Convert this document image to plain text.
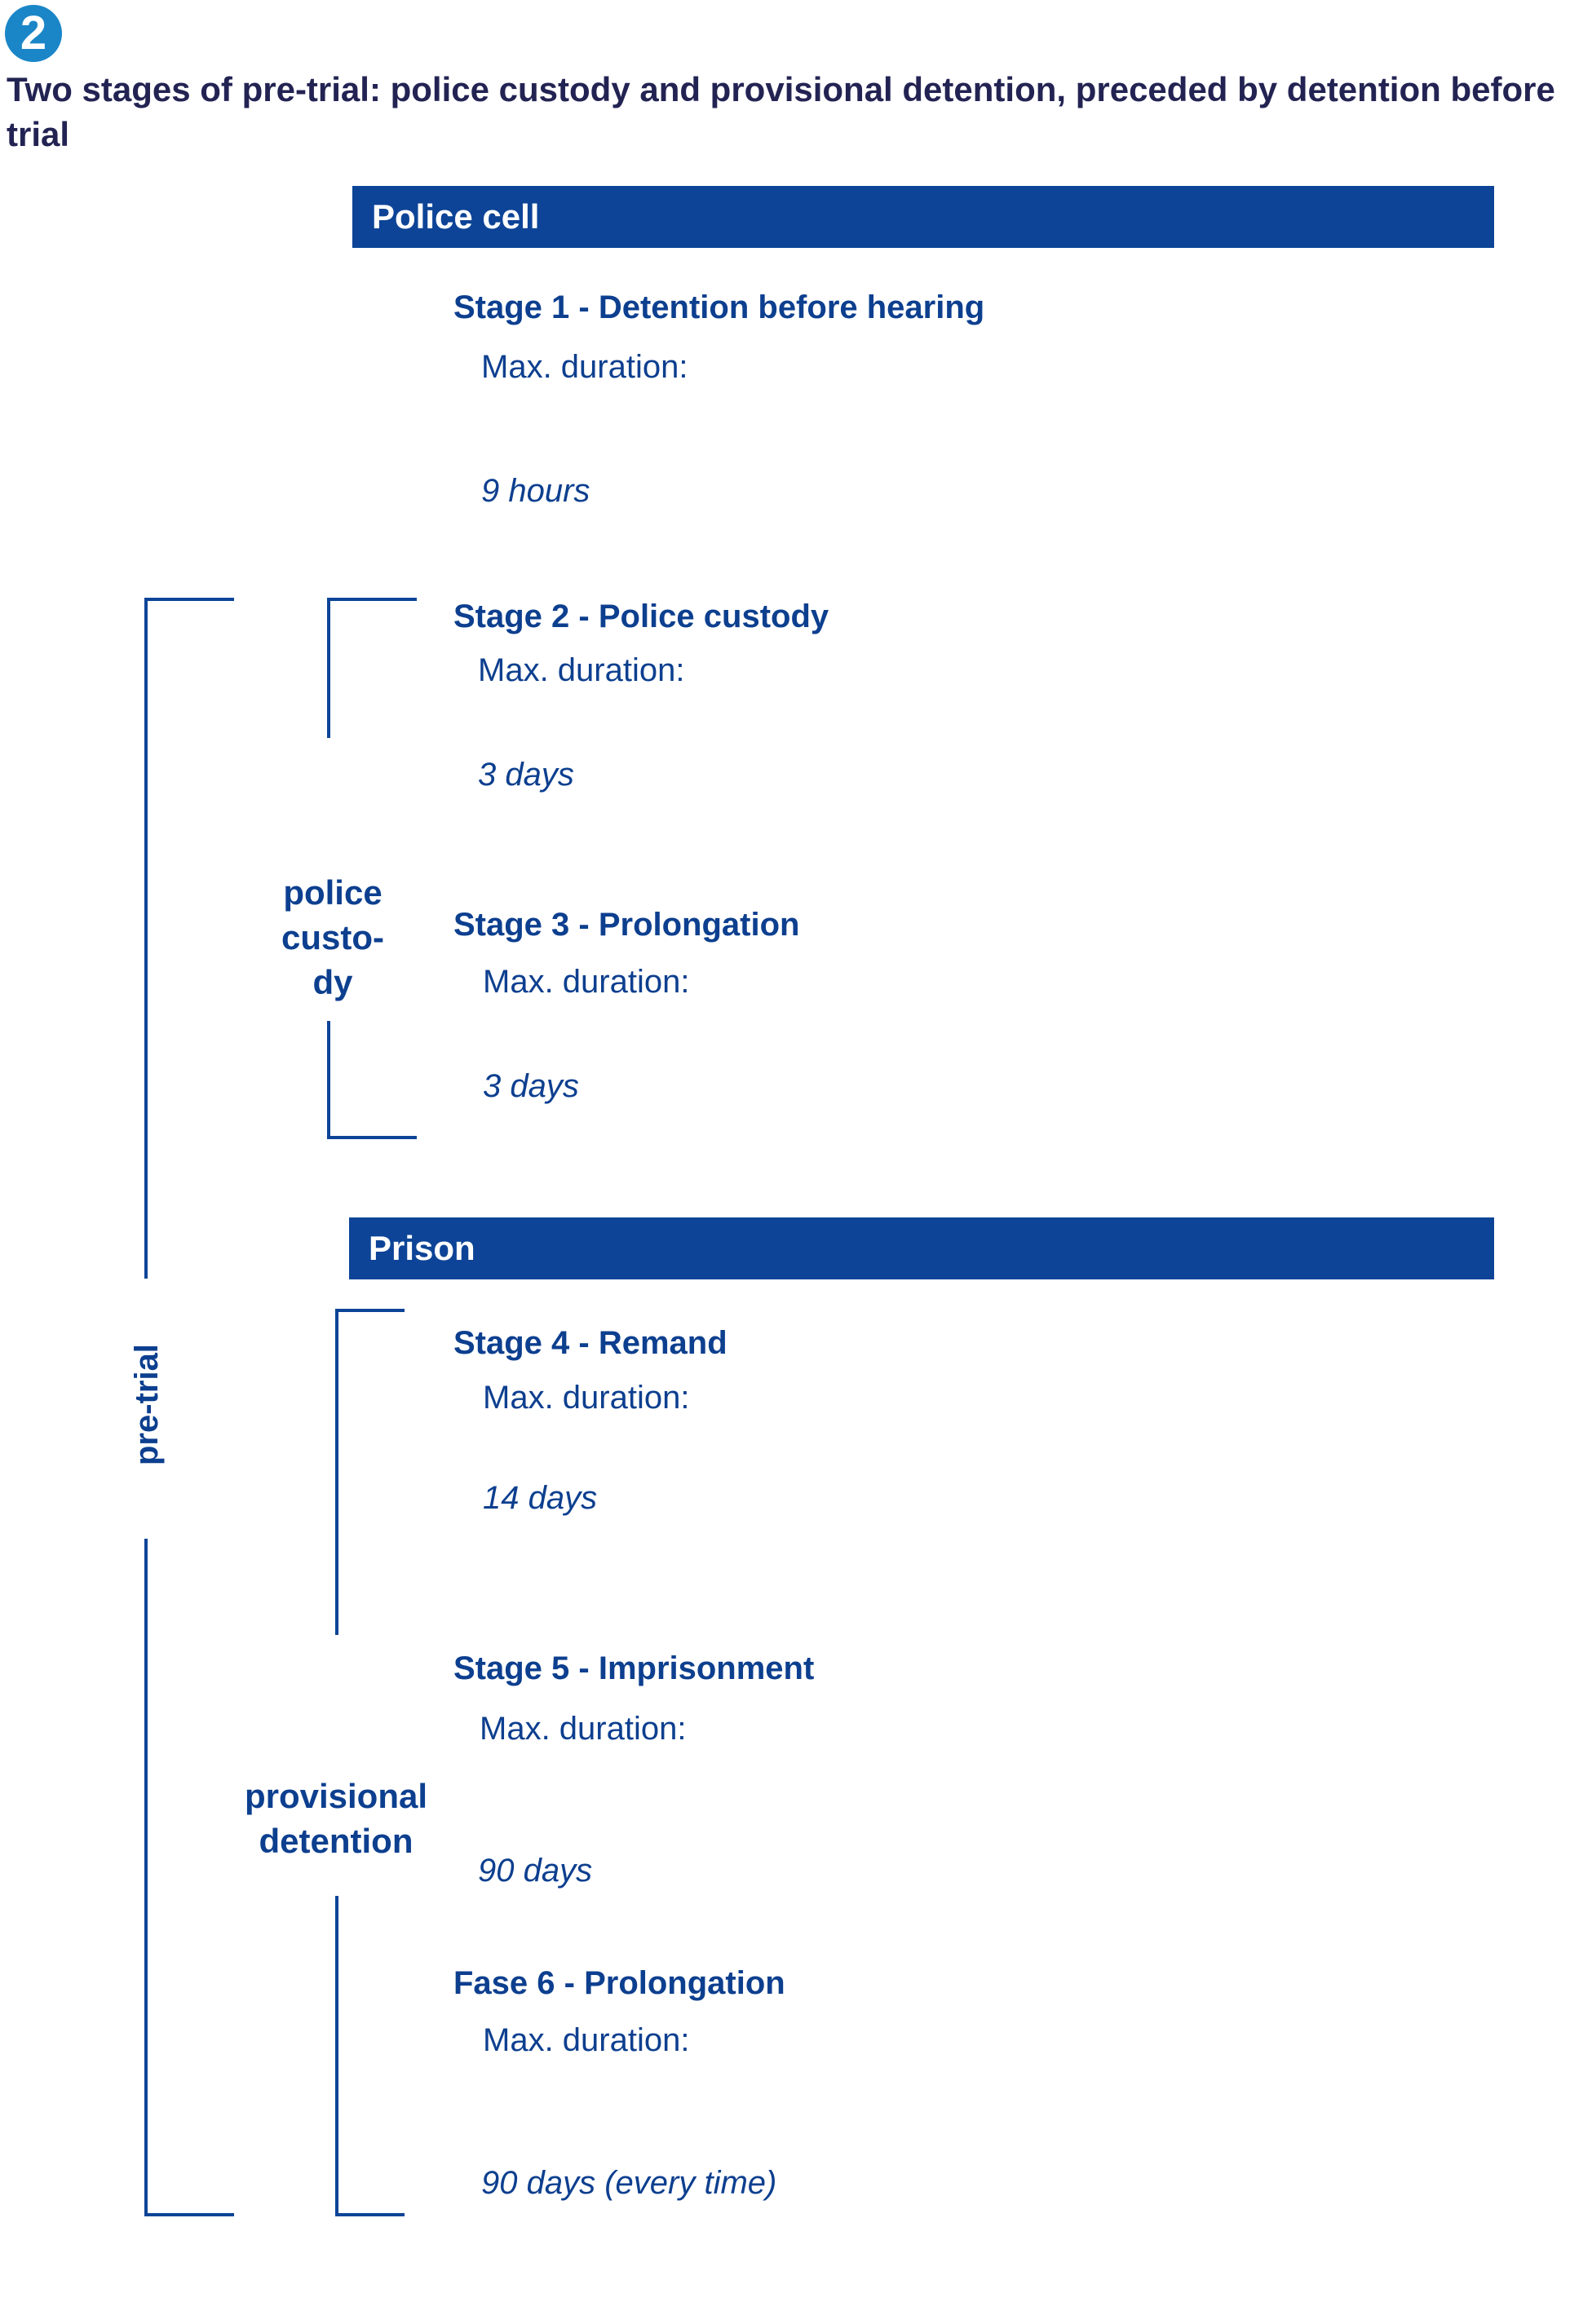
2
Two stages of pre-trial: police custody and provisional detention, preceded by detention before trial
Police cell
Prison
Stage 1 - Detention before hearing
Max. duration:
9 hours
Stage 2 - Police custody
Max. duration:
3 days
Stage 3 - Prolongation
Max. duration:
3 days
Stage 4 - Remand
Max. duration:
14 days
Stage 5 - Imprisonment
Max. duration:
90 days
Fase 6 - Prolongation
Max. duration:
90 days (every time)
pre-trial
police
custo-
dy
provisional
detention
